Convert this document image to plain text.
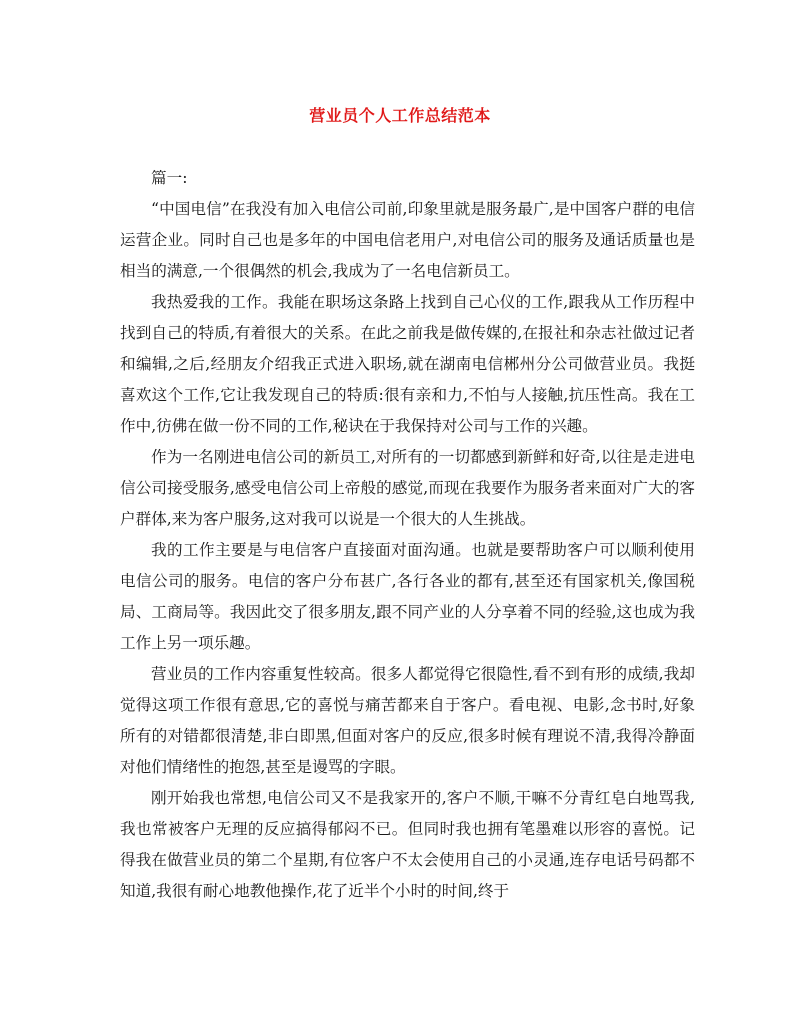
营业员个人工作总结范本

篇一:

“中国电信”在我没有加入电信公司前,印象里就是服务最广,是中国客户群的电信运营企业。同时自己也是多年的中国电信老用户,对电信公司的服务及通话质量也是相当的满意,一个很偶然的机会,我成为了一名电信新员工。

我热爱我的工作。我能在职场这条路上找到自己心仪的工作,跟我从工作历程中找到自己的特质,有着很大的关系。在此之前我是做传媒的,在报社和杂志社做过记者和编辑,之后,经朋友介绍我正式进入职场,就在湖南电信郴州分公司做营业员。我挺喜欢这个工作,它让我发现自己的特质:很有亲和力,不怕与人接触,抗压性高。我在工作中,彷佛在做一份不同的工作,秘诀在于我保持对公司与工作的兴趣。

作为一名刚进电信公司的新员工,对所有的一切都感到新鲜和好奇,以往是走进电信公司接受服务,感受电信公司上帝般的感觉,而现在我要作为服务者来面对广大的客户群体,来为客户服务,这对我可以说是一个很大的人生挑战。

我的工作主要是与电信客户直接面对面沟通。也就是要帮助客户可以顺利使用电信公司的服务。电信的客户分布甚广,各行各业的都有,甚至还有国家机关,像国税局、工商局等。我因此交了很多朋友,跟不同产业的人分享着不同的经验,这也成为我工作上另一项乐趣。

营业员的工作内容重复性较高。很多人都觉得它很隐性,看不到有形的成绩,我却觉得这项工作很有意思,它的喜悦与痛苦都来自于客户。看电视、电影,念书时,好象所有的对错都很清楚,非白即黑,但面对客户的反应,很多时候有理说不清,我得冷静面对他们情绪性的抱怨,甚至是谩骂的字眼。

刚开始我也常想,电信公司又不是我家开的,客户不顺,干嘛不分青红皂白地骂我,我也常被客户无理的反应搞得郁闷不已。但同时我也拥有笔墨难以形容的喜悦。记得我在做营业员的第二个星期,有位客户不太会使用自己的小灵通,连存电话号码都不知道,我很有耐心地教他操作,花了近半个小时的时间,终于
